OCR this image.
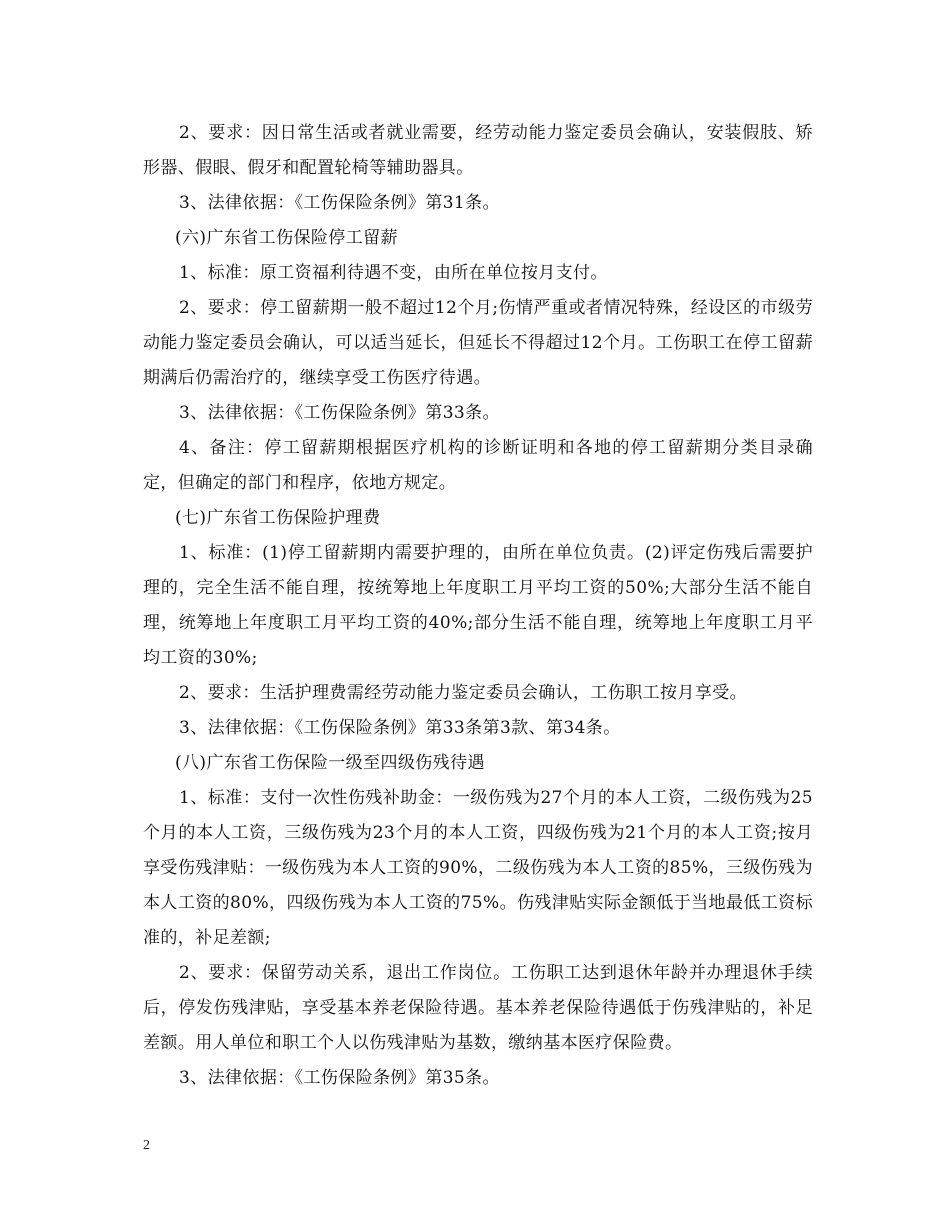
2、要求：因日常生活或者就业需要，经劳动能力鉴定委员会确认，安装假肢、矫形器、假眼、假牙和配置轮椅等辅助器具。

3、法律依据：《工伤保险条例》第31条。

(六)广东省工伤保险停工留薪

1、标准：原工资福利待遇不变，由所在单位按月支付。

2、要求：停工留薪期一般不超过12个月;伤情严重或者情况特殊，经设区的市级劳动能力鉴定委员会确认，可以适当延长，但延长不得超过12个月。工伤职工在停工留薪期满后仍需治疗的，继续享受工伤医疗待遇。

3、法律依据：《工伤保险条例》第33条。

4、备注：停工留薪期根据医疗机构的诊断证明和各地的停工留薪期分类目录确定，但确定的部门和程序，依地方规定。

(七)广东省工伤保险护理费

1、标准：(1)停工留薪期内需要护理的，由所在单位负责。(2)评定伤残后需要护理的，完全生活不能自理，按统筹地上年度职工月平均工资的50%;大部分生活不能自理，统筹地上年度职工月平均工资的40%;部分生活不能自理，统筹地上年度职工月平均工资的30%;

2、要求：生活护理费需经劳动能力鉴定委员会确认，工伤职工按月享受。

3、法律依据：《工伤保险条例》第33条第3款、第34条。

(八)广东省工伤保险一级至四级伤残待遇

1、标准：支付一次性伤残补助金：一级伤残为27个月的本人工资，二级伤残为25个月的本人工资，三级伤残为23个月的本人工资，四级伤残为21个月的本人工资;按月享受伤残津贴：一级伤残为本人工资的90%，二级伤残为本人工资的85%，三级伤残为本人工资的80%，四级伤残为本人工资的75%。伤残津贴实际金额低于当地最低工资标准的，补足差额;

2、要求：保留劳动关系，退出工作岗位。工伤职工达到退休年龄并办理退休手续后，停发伤残津贴，享受基本养老保险待遇。基本养老保险待遇低于伤残津贴的，补足差额。用人单位和职工个人以伤残津贴为基数，缴纳基本医疗保险费。

3、法律依据：《工伤保险条例》第35条。

2
